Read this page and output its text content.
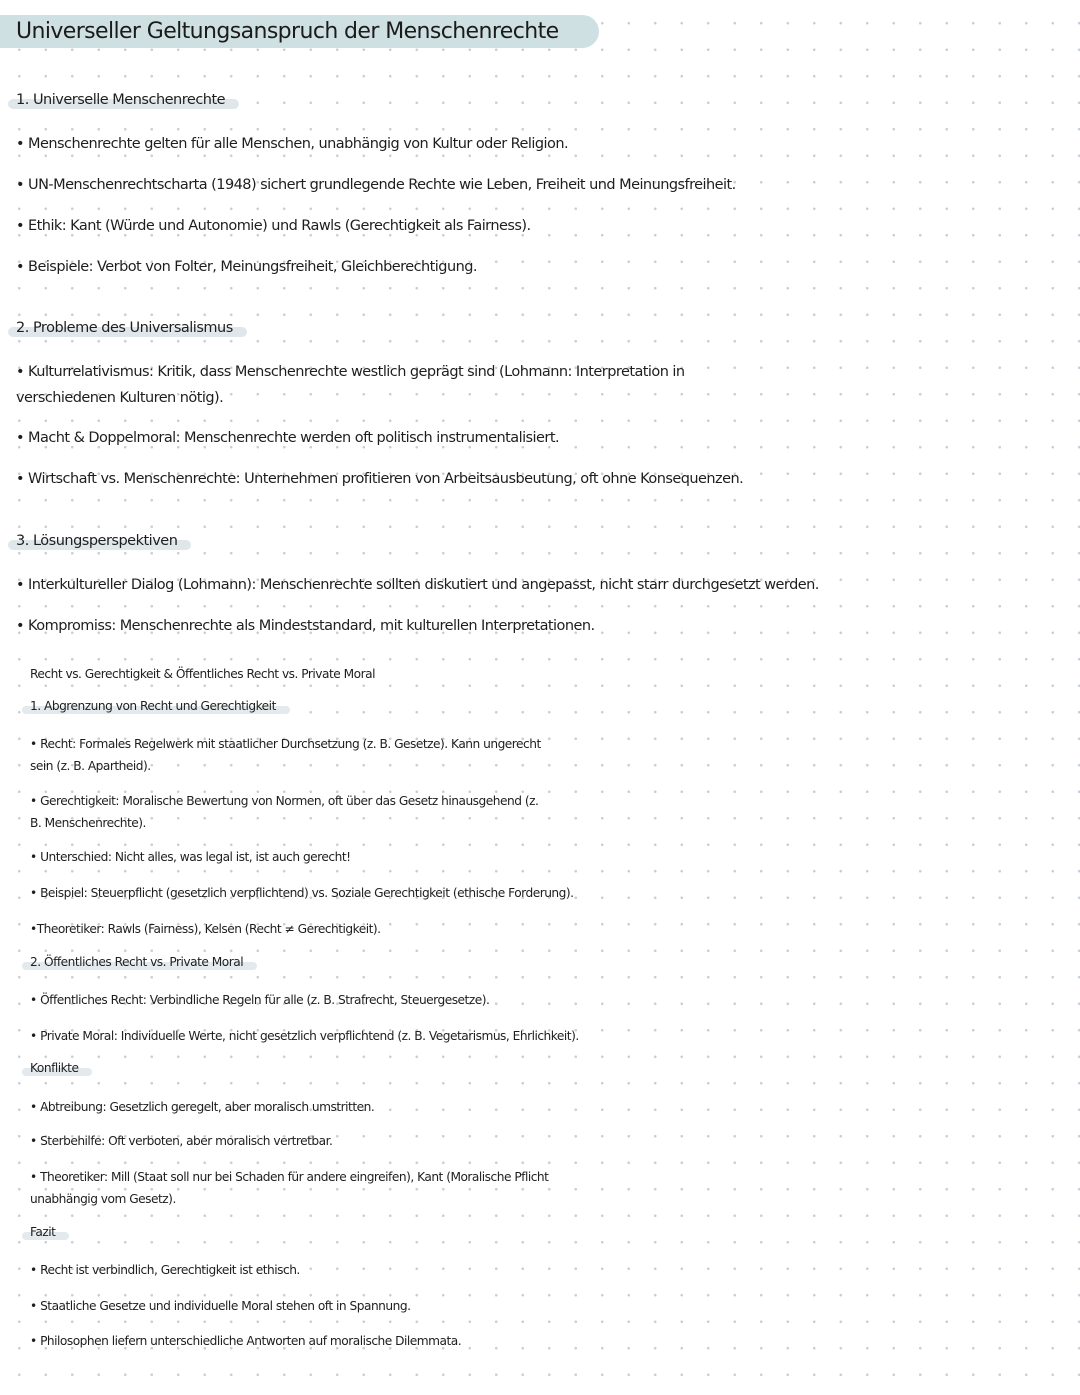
Universeller Geltungsanspruch der Menschenrechte
1. Universelle Menschenrechte
• Menschenrechte gelten für alle Menschen, unabhängig von Kultur oder Religion.
• UN-Menschenrechtscharta (1948) sichert grundlegende Rechte wie Leben, Freiheit und Meinungsfreiheit.
• Ethik: Kant (Würde und Autonomie) und Rawls (Gerechtigkeit als Fairness).
• Beispiele: Verbot von Folter, Meinungsfreiheit, Gleichberechtigung.
2. Probleme des Universalismus
• Kulturrelativismus: Kritik, dass Menschenrechte westlich geprägt sind (Lohmann: Interpretation in verschiedenen Kulturen nötig).
• Macht & Doppelmoral: Menschenrechte werden oft politisch instrumentalisiert.
• Wirtschaft vs. Menschenrechte: Unternehmen profitieren von Arbeitsausbeutung, oft ohne Konsequenzen.
3. Lösungsperspektiven
• Interkultureller Dialog (Lohmann): Menschenrechte sollten diskutiert und angepasst, nicht starr durchgesetzt werden.
• Kompromiss: Menschenrechte als Mindeststandard, mit kulturellen Interpretationen.
Recht vs. Gerechtigkeit & Öffentliches Recht vs. Private Moral
1. Abgrenzung von Recht und Gerechtigkeit
• Recht: Formales Regelwerk mit staatlicher Durchsetzung (z. B. Gesetze). Kann ungerecht sein (z. B. Apartheid).
• Gerechtigkeit: Moralische Bewertung von Normen, oft über das Gesetz hinausgehend (z. B. Menschenrechte).
• Unterschied: Nicht alles, was legal ist, ist auch gerecht!
• Beispiel: Steuerpflicht (gesetzlich verpflichtend) vs. Soziale Gerechtigkeit (ethische Forderung).
•Theoretiker: Rawls (Fairness), Kelsen (Recht ≠ Gerechtigkeit).
2. Öffentliches Recht vs. Private Moral
• Öffentliches Recht: Verbindliche Regeln für alle (z. B. Strafrecht, Steuergesetze).
• Private Moral: Individuelle Werte, nicht gesetzlich verpflichtend (z. B. Vegetarismus, Ehrlichkeit).
Konflikte
• Abtreibung: Gesetzlich geregelt, aber moralisch umstritten.
• Sterbehilfe: Oft verboten, aber moralisch vertretbar.
• Theoretiker: Mill (Staat soll nur bei Schaden für andere eingreifen), Kant (Moralische Pflicht unabhängig vom Gesetz).
Fazit
• Recht ist verbindlich, Gerechtigkeit ist ethisch.
• Staatliche Gesetze und individuelle Moral stehen oft in Spannung.
• Philosophen liefern unterschiedliche Antworten auf moralische Dilemmata.
